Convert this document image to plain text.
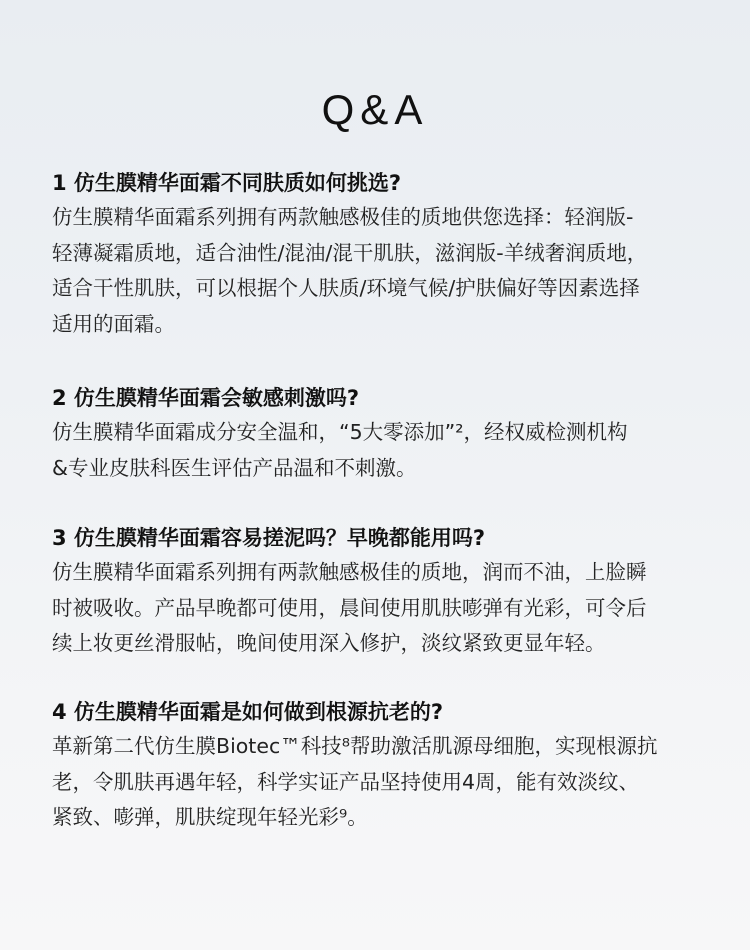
Q&A
1 仿生膜精华面霜不同肤质如何挑选?
仿生膜精华面霜系列拥有两款触感极佳的质地供您选择：轻润版-
轻薄凝霜质地，适合油性/混油/混干肌肤，滋润版-羊绒奢润质地，
适合干性肌肤，可以根据个人肤质/环境气候/护肤偏好等因素选择
适用的面霜。
2 仿生膜精华面霜会敏感刺激吗?
仿生膜精华面霜成分安全温和，“5大零添加”²，经权威检测机构
&专业皮肤科医生评估产品温和不刺激。
3 仿生膜精华面霜容易搓泥吗？早晚都能用吗?
仿生膜精华面霜系列拥有两款触感极佳的质地，润而不油，上脸瞬
时被吸收。产品早晚都可使用，晨间使用肌肤嘭弹有光彩，可令后
续上妆更丝滑服帖，晚间使用深入修护，淡纹紧致更显年轻。
4 仿生膜精华面霜是如何做到根源抗老的?
革新第二代仿生膜Biotec™科技⁸帮助激活肌源母细胞，实现根源抗
老，令肌肤再遇年轻，科学实证产品坚持使用4周，能有效淡纹、
紧致、嘭弹，肌肤绽现年轻光彩⁹。
